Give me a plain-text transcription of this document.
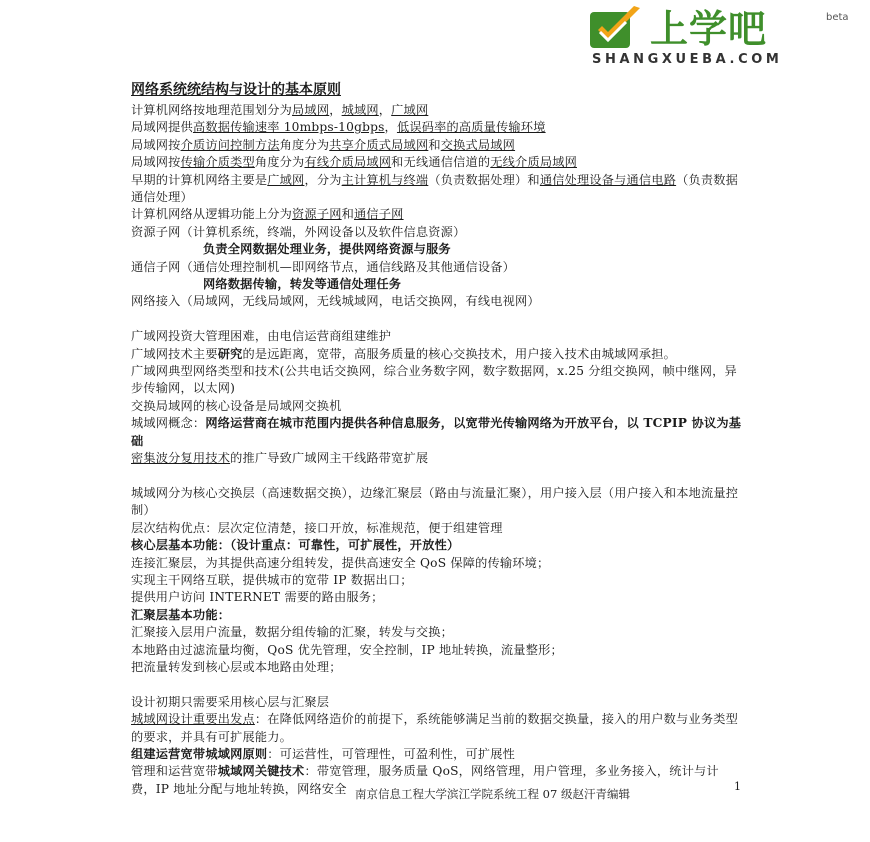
上学吧	beta
SHANGXUEBA.COM

网络系统统结构与设计的基本原则

计算机网络按地理范围划分为局域网，城域网，广域网

局域网提供高数据传输速率 10mbps-10gbps，低误码率的高质量传输环境

局域网按介质访问控制方法角度分为共享介质式局域网和交换式局域网

局域网按传输介质类型角度分为有线介质局域网和无线通信信道的无线介质局域网

早期的计算机网络主要是广域网，分为主计算机与终端（负责数据处理）和通信处理设备与通信电路（负责数据通信处理）

计算机网络从逻辑功能上分为资源子网和通信子网

资源子网（计算机系统，终端，外网设备以及软件信息资源）

负责全网数据处理业务，提供网络资源与服务

通信子网（通信处理控制机—即网络节点，通信线路及其他通信设备）

网络数据传输，转发等通信处理任务

网络接入（局域网，无线局域网，无线城域网，电话交换网，有线电视网）

广域网投资大管理困难，由电信运营商组建维护

广域网技术主要研究的是远距离，宽带，高服务质量的核心交换技术，用户接入技术由城域网承担。

广域网典型网络类型和技术(公共电话交换网，综合业务数字网，数字数据网，x.25 分组交换网，帧中继网，异步传输网，以太网)

交换局域网的核心设备是局域网交换机

城域网概念：网络运营商在城市范围内提供各种信息服务，以宽带光传输网络为开放平台，以 TCPIP 协议为基础

密集波分复用技术的推广导致广域网主干线路带宽扩展

城域网分为核心交换层（高速数据交换），边缘汇聚层（路由与流量汇聚），用户接入层（用户接入和本地流量控制）

层次结构优点：层次定位清楚，接口开放，标准规范，便于组建管理

核心层基本功能：（设计重点：可靠性，可扩展性，开放性）

连接汇聚层，为其提供高速分组转发，提供高速安全 QoS 保障的传输环境；

实现主干网络互联，提供城市的宽带 IP 数据出口；

提供用户访问 INTERNET 需要的路由服务；

汇聚层基本功能：

汇聚接入层用户流量，数据分组传输的汇聚，转发与交换；

本地路由过滤流量均衡，QoS 优先管理，安全控制，IP 地址转换，流量整形；

把流量转发到核心层或本地路由处理；

设计初期只需要采用核心层与汇聚层

城域网设计重要出发点：在降低网络造价的前提下，系统能够满足当前的数据交换量，接入的用户数与业务类型的要求，并具有可扩展能力。

组建运营宽带城域网原则：可运营性，可管理性，可盈利性，可扩展性

管理和运营宽带城域网关键技术：带宽管理，服务质量 QoS，网络管理，用户管理，多业务接入，统计与计费，IP 地址分配与地址转换，网络安全 南京信息工程大学滨江学院系统工程 07 级赵汗青编辑
1
